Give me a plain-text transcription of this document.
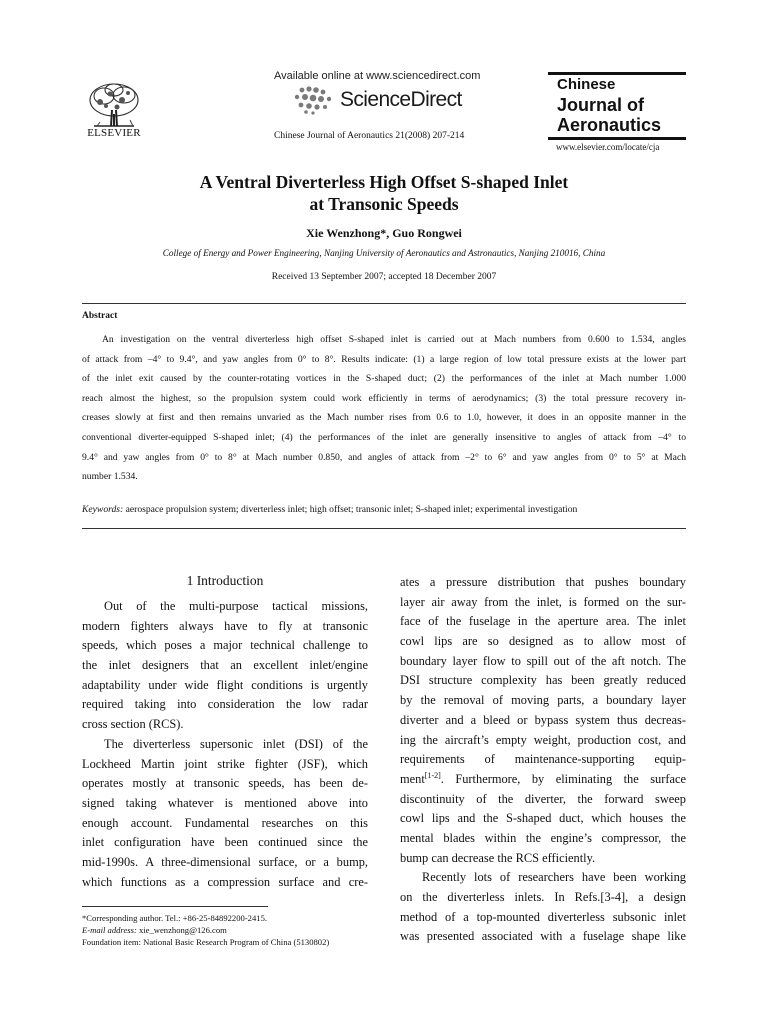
ELSEVIER
Available online at www.sciencedirect.com
ScienceDirect
Chinese Journal of Aeronautics 21(2008) 207-214
Chinese
Journal of
Aeronautics
www.elsevier.com/locate/cja
A Ventral Diverterless High Offset S-shaped Inlet
at Transonic Speeds
Xie Wenzhong*, Guo Rongwei
College of Energy and Power Engineering, Nanjing University of Aeronautics and Astronautics, Nanjing 210016, China
Received 13 September 2007; accepted 18 December 2007
Abstract
An investigation on the ventral diverterless high offset S-shaped inlet is carried out at Mach numbers from 0.600 to 1.534, angles
of attack from –4° to 9.4°, and yaw angles from 0° to 8°. Results indicate: (1) a large region of low total pressure exists at the lower part
of the inlet exit caused by the counter-rotating vortices in the S-shaped duct; (2) the performances of the inlet at Mach number 1.000
reach almost the highest, so the propulsion system could work efficiently in terms of aerodynamics; (3) the total pressure recovery in-
creases slowly at first and then remains unvaried as the Mach number rises from 0.6 to 1.0, however, it does in an opposite manner in the
conventional diverter-equipped S-shaped inlet; (4) the performances of the inlet are generally insensitive to angles of attack from –4° to
9.4° and yaw angles from 0° to 8° at Mach number 0.850, and angles of attack from –2° to 6° and yaw angles from 0° to 5° at Mach
number 1.534.
Keywords: aerospace propulsion system; diverterless inlet; high offset; transonic inlet; S-shaped inlet; experimental investigation
1 Introduction
Out of the multi-purpose tactical missions,
modern fighters always have to fly at transonic
speeds, which poses a major technical challenge to
the inlet designers that an excellent inlet/engine
adaptability under wide flight conditions is urgently
required taking into consideration the low radar
cross section (RCS).
The diverterless supersonic inlet (DSI) of the
Lockheed Martin joint strike fighter (JSF), which
operates mostly at transonic speeds, has been de-
signed taking whatever is mentioned above into
enough account. Fundamental researches on this
inlet configuration have been continued since the
mid-1990s. A three-dimensional surface, or a bump,
which functions as a compression surface and cre-
ates a pressure distribution that pushes boundary
layer air away from the inlet, is formed on the sur-
face of the fuselage in the aperture area. The inlet
cowl lips are so designed as to allow most of
boundary layer flow to spill out of the aft notch. The
DSI structure complexity has been greatly reduced
by the removal of moving parts, a boundary layer
diverter and a bleed or bypass system thus decreas-
ing the aircraft’s empty weight, production cost, and
requirements of maintenance-supporting equip-
ment[1-2]. Furthermore, by eliminating the surface
discontinuity of the diverter, the forward sweep
cowl lips and the S-shaped duct, which houses the
mental blades within the engine’s compressor, the
bump can decrease the RCS efficiently.
Recently lots of researchers have been working
on the diverterless inlets. In Refs.[3-4], a design
method of a top-mounted diverterless subsonic inlet
was presented associated with a fuselage shape like
*Corresponding author. Tel.: +86-25-84892200-2415.
E-mail address: xie_wenzhong@126.com
Foundation item: National Basic Research Program of China (5130802)
